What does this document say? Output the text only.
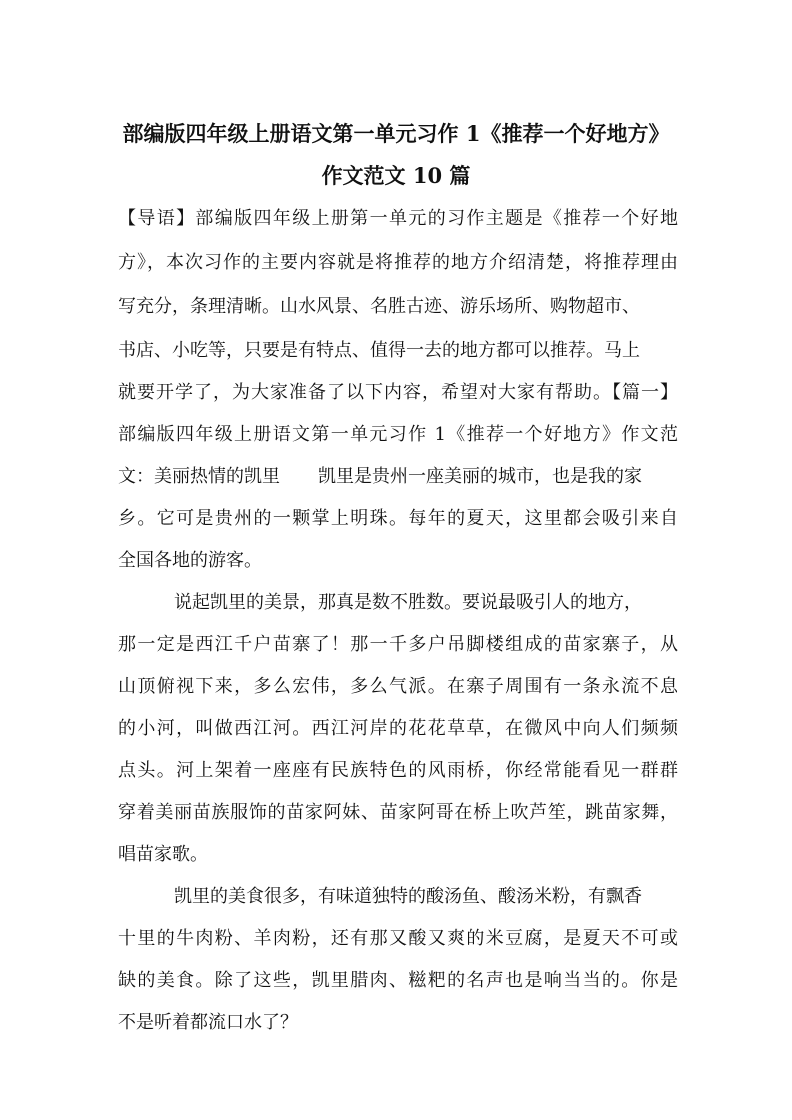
部编版四年级上册语文第一单元习作 1《推荐一个好地方》
作文范文 10 篇

【导语】部编版四年级上册第一单元的习作主题是《推荐一个好地

方》，本次习作的主要内容就是将推荐的地方介绍清楚，将推荐理由

写充分，条理清晰。山水风景、名胜古迹、游乐场所、购物超市、

书店、小吃等，只要是有特点、值得一去的地方都可以推荐。马上

就要开学了，为大家准备了以下内容，希望对大家有帮助。【篇一】

部编版四年级上册语文第一单元习作 1《推荐一个好地方》作文范

文：美丽热情的凯里 凯里是贵州一座美丽的城市，也是我的家

乡。它可是贵州的一颗掌上明珠。每年的夏天，这里都会吸引来自

全国各地的游客。

说起凯里的美景，那真是数不胜数。要说最吸引人的地方，

那一定是西江千户苗寨了！那一千多户吊脚楼组成的苗家寨子，从

山顶俯视下来，多么宏伟，多么气派。在寨子周围有一条永流不息

的小河，叫做西江河。西江河岸的花花草草，在微风中向人们频频

点头。河上架着一座座有民族特色的风雨桥，你经常能看见一群群

穿着美丽苗族服饰的苗家阿妹、苗家阿哥在桥上吹芦笙，跳苗家舞，

唱苗家歌。

凯里的美食很多，有味道独特的酸汤鱼、酸汤米粉，有飘香

十里的牛肉粉、羊肉粉，还有那又酸又爽的米豆腐，是夏天不可或

缺的美食。除了这些，凯里腊肉、糍粑的名声也是响当当的。你是

不是听着都流口水了？
